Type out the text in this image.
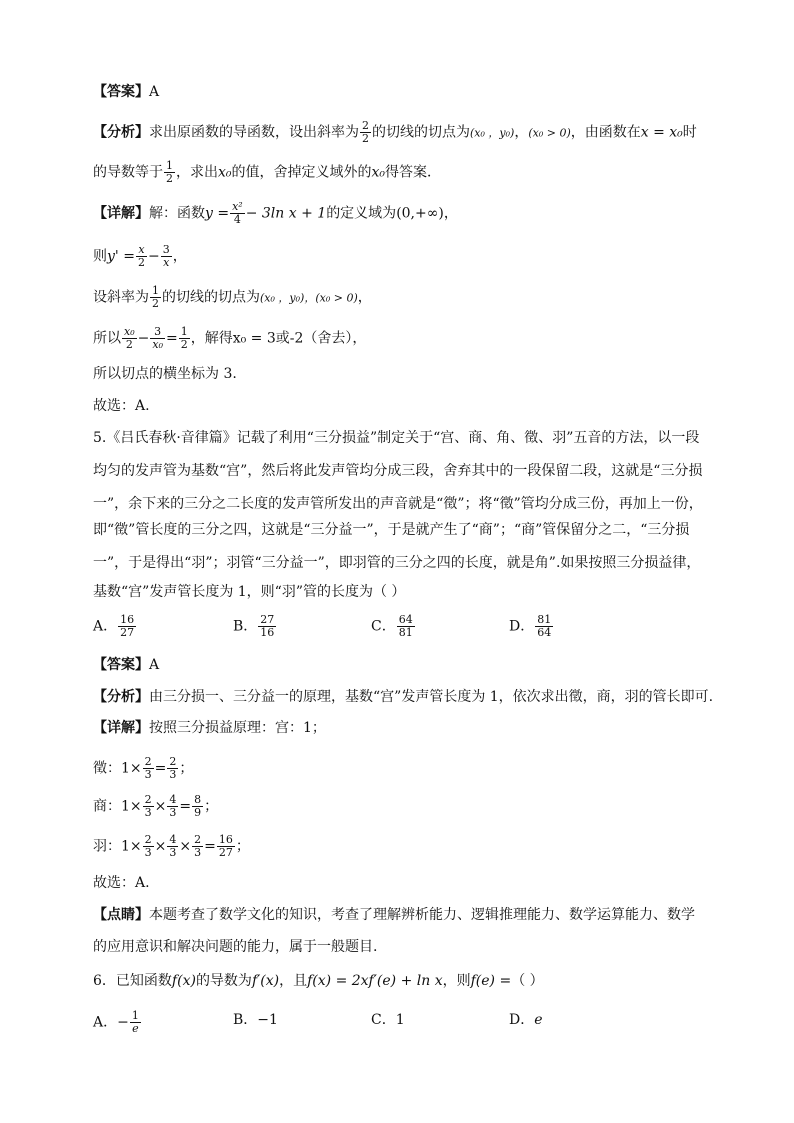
【答案】A
【分析】求出原函数的导函数，设出斜率为 $\frac{2}{2}$ 的切线的切点为(x₀ ，y₀)，(x₀ > 0)，由函数在x = x₀时
的导数等于 $\frac{1}{2}$ ，求出x₀的值，舍掉定义域外的x₀得答案．
【详解】解：函数$y = \frac{\text{x²}}{4} - 3\ln$ x + 1的定义域为(0,+∞)，
则$y' = \frac{x}{2} - \frac{3}{x}$ ，
设斜率为 $\frac{1}{2}$ 的切线的切点为(x₀ ，y₀)，(x₀ > 0)，
所以 $\frac{\text{x₀}}{2} - \frac{3}{\text{x₀}} = \frac{1}{2}$ ，解得x₀ = 3或-2（舍去），
所以切点的横坐标为 3.
故选：A.
5.《吕氏春秋·音律篇》记载了利用“三分损益”制定关于“宫、商、角、徵、羽”五音的方法，以一段
均匀的发声管为基数“宫”，然后将此发声管均分成三段，舍弃其中的一段保留二段，这就是“三分损
一”，余下来的三分之二长度的发声管所发出的声音就是“徵”；将“徵”管均分成三份，再加上一份，
即“徵”管长度的三分之四，这就是“三分益一”，于是就产生了“商”；“商”管保留分之二，“三分损
一”，于是得出“羽”；羽管“三分益一”，即羽管的三分之四的长度，就是角”.如果按照三分损益律，
基数“宫”发声管长度为 1，则“羽”管的长度为（ ）
A． $\frac{16}{27}$	B． $\frac{27}{16}$	C． $\frac{64}{81}$	D． $\frac{81}{64}$
【答案】A
【分析】由三分损一、三分益一的原理，基数“宫”发声管长度为 1，依次求出徵，商，羽的管长即可.
【详解】按照三分损益原理：宫：1；
徵：$1\times \frac{2}{3} = \frac{2}{3}$ ；
商：$1\times \frac{2}{3} \times \frac{4}{3} = \frac{8}{9}$ ；
羽：$1\times \frac{2}{3} \times \frac{4}{3} \times \frac{2}{3} = \frac{16}{27}$ ；
故选：A.
【点睛】本题考查了数学文化的知识，考查了理解辨析能力、逻辑推理能力、数学运算能力、数学
的应用意识和解决问题的能力，属于一般题目.
6．已知函数f(x)的导数为f′(x)，且f(x) = 2xf′(e) + ln x，则f(e) =（ ）
A．− $\frac{1}{e}$	B．−1	C．1	D．e
